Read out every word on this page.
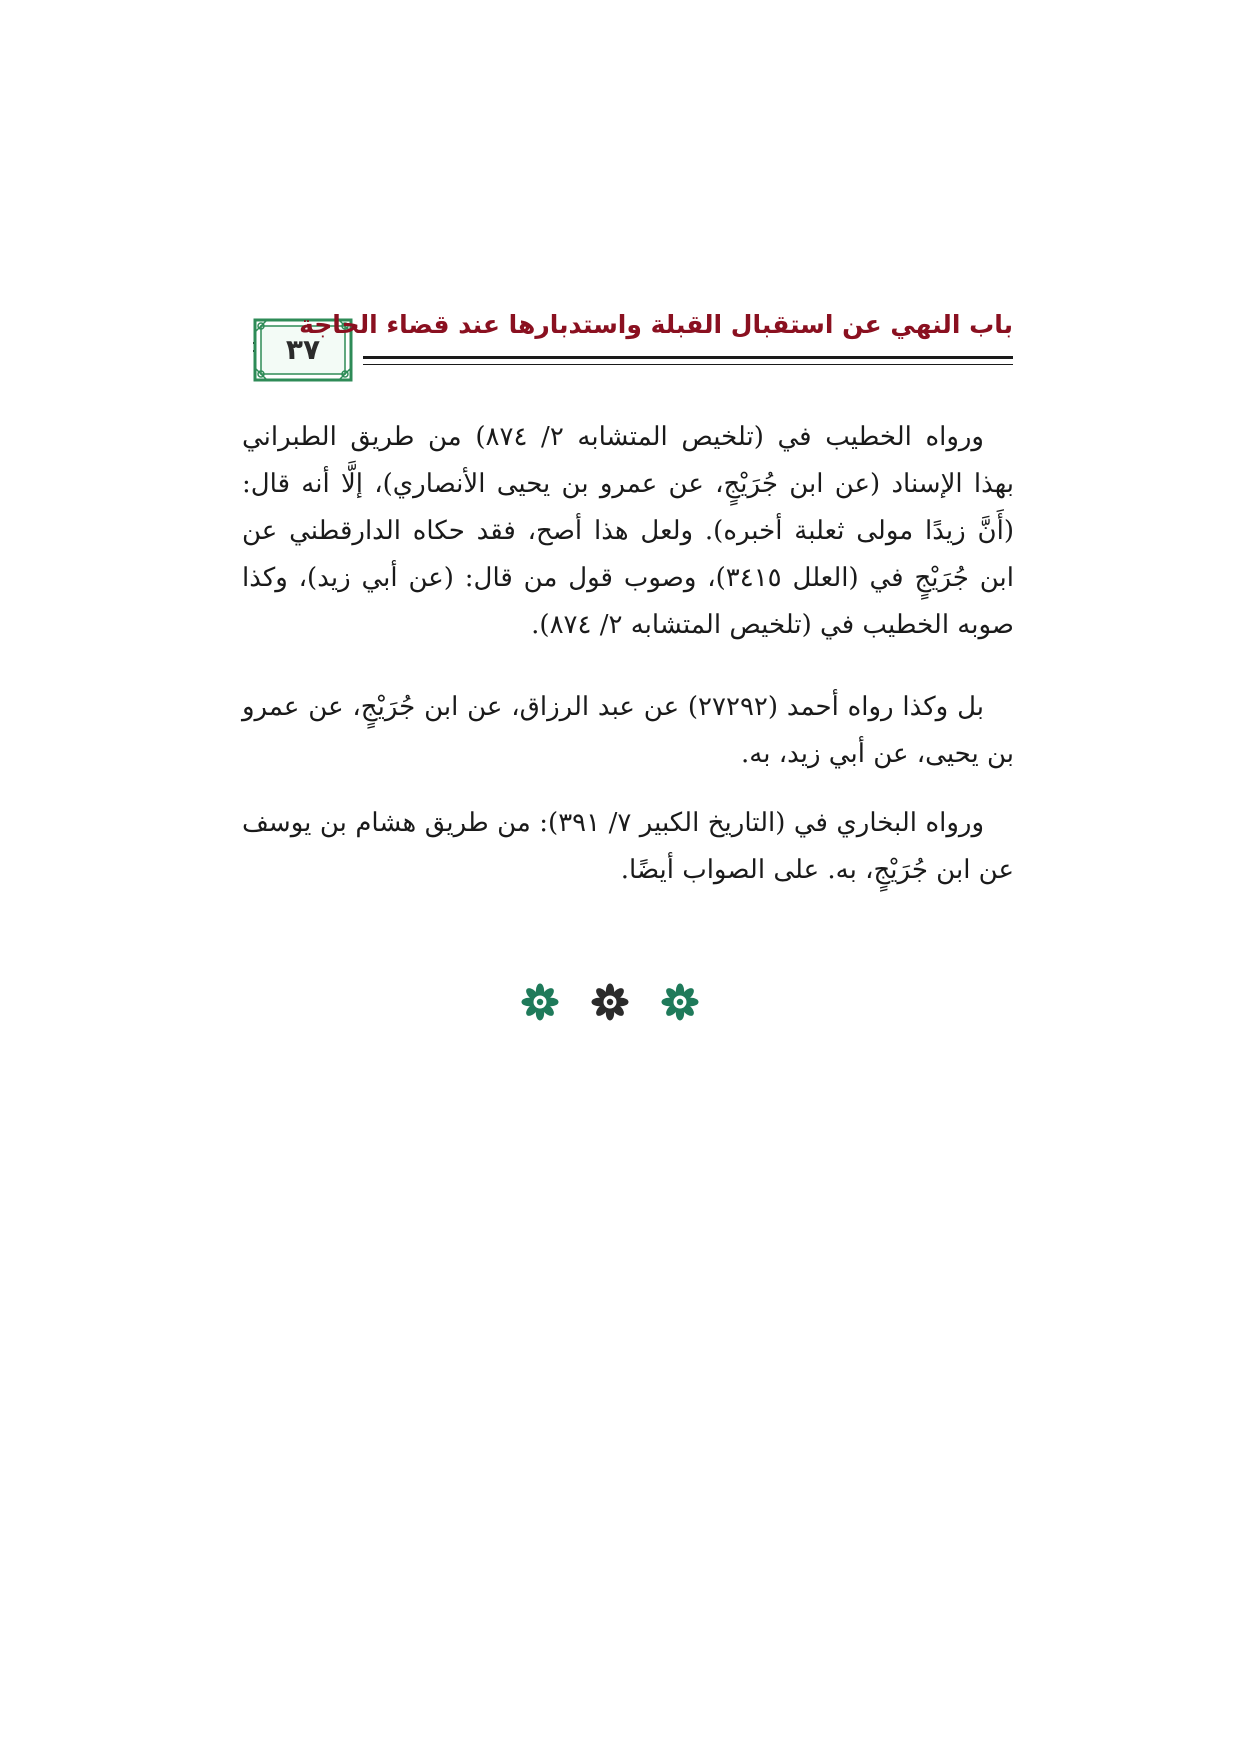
٣٧
باب النهي عن استقبال القبلة واستدبارها عند قضاء الحاجة
ورواه الخطيب في (تلخيص المتشابه ٢/ ٨٧٤) من طريق الطبراني بهذا الإسناد (عن ابن جُرَيْجٍ، عن عمرو بن يحيى الأنصاري)، إلَّا أنه قال: (أَنَّ زيدًا مولى ثعلبة أخبره). ولعل هذا أصح، فقد حكاه الدارقطني عن ابن جُرَيْجٍ في (العلل ٣٤١٥)، وصوب قول من قال: (عن أبي زيد)، وكذا صوبه الخطيب في (تلخيص المتشابه ٢/ ٨٧٤).
بل وكذا رواه أحمد (٢٧٢٩٢) عن عبد الرزاق، عن ابن جُرَيْجٍ، عن عمرو بن يحيى، عن أبي زيد، به.
ورواه البخاري في (التاريخ الكبير ٧/ ٣٩١): من طريق هشام بن يوسف عن ابن جُرَيْجٍ، به. على الصواب أيضًا.
